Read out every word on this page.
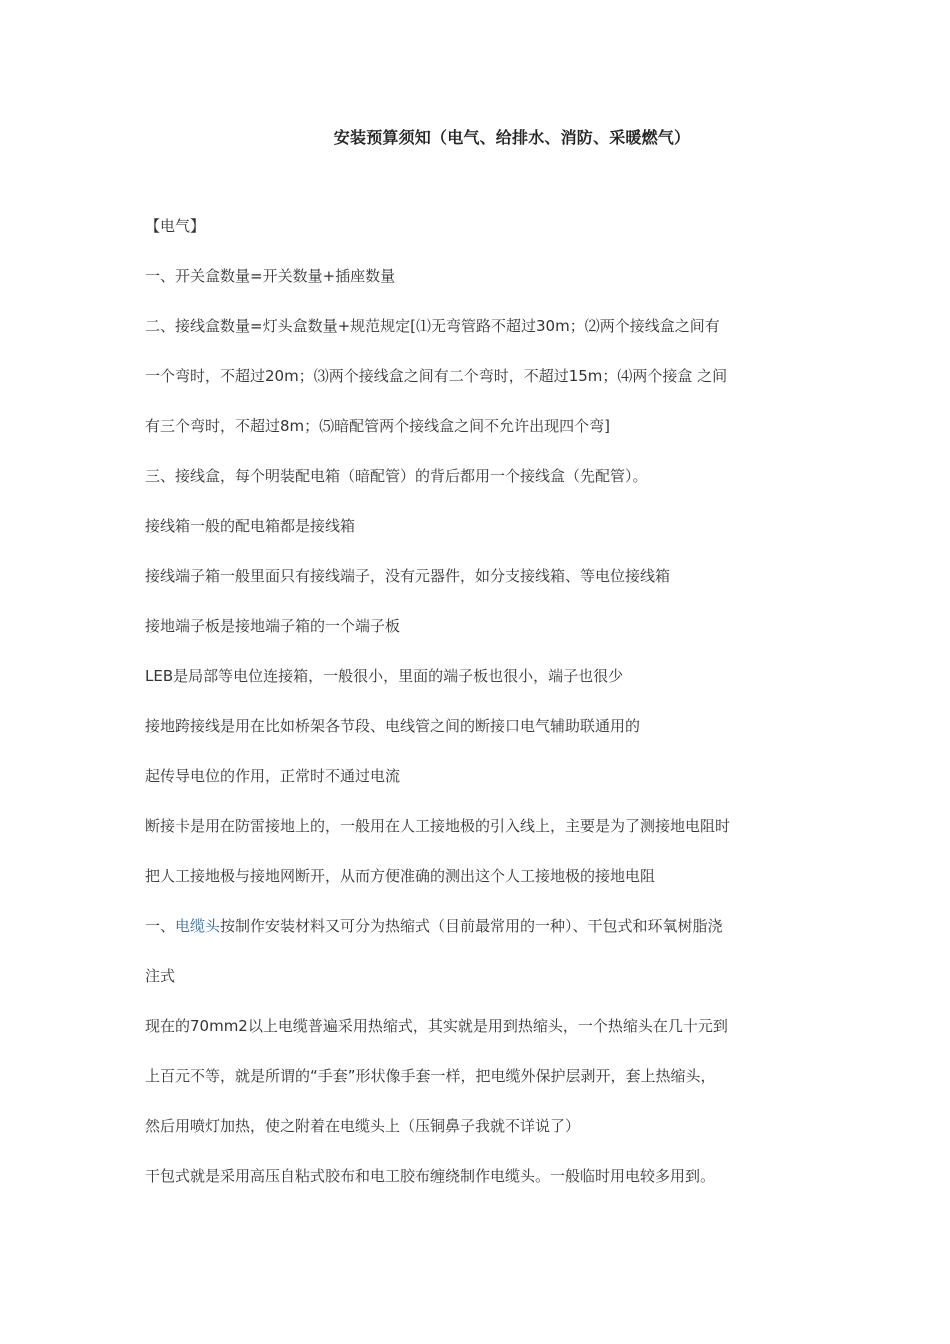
安装预算须知（电气、给排水、消防、采暖燃气）
【电气】
一、开关盒数量=开关数量+插座数量
二、接线盒数量=灯头盒数量+规范规定[⑴无弯管路不超过30m；⑵两个接线盒之间有
一个弯时，不超过20m；⑶两个接线盒之间有二个弯时，不超过15m；⑷两个接盒 之间
有三个弯时，不超过8m；⑸暗配管两个接线盒之间不允许出现四个弯]
三、接线盒，每个明装配电箱（暗配管）的背后都用一个接线盒（先配管）。
接线箱一般的配电箱都是接线箱
接线端子箱一般里面只有接线端子，没有元器件，如分支接线箱、等电位接线箱
接地端子板是接地端子箱的一个端子板
LEB是局部等电位连接箱，一般很小，里面的端子板也很小，端子也很少
接地跨接线是用在比如桥架各节段、电线管之间的断接口电气辅助联通用的
起传导电位的作用，正常时不通过电流
断接卡是用在防雷接地上的，一般用在人工接地极的引入线上，主要是为了测接地电阻时
把人工接地极与接地网断开，从而方便准确的测出这个人工接地极的接地电阻
一、电缆头按制作安装材料又可分为热缩式（目前最常用的一种）、干包式和环氧树脂浇
注式
现在的70mm2以上电缆普遍采用热缩式，其实就是用到热缩头，一个热缩头在几十元到
上百元不等，就是所谓的“手套”形状像手套一样，把电缆外保护层剥开，套上热缩头，
然后用喷灯加热，使之附着在电缆头上（压铜鼻子我就不详说了）
干包式就是采用高压自粘式胶布和电工胶布缠绕制作电缆头。一般临时用电较多用到。
